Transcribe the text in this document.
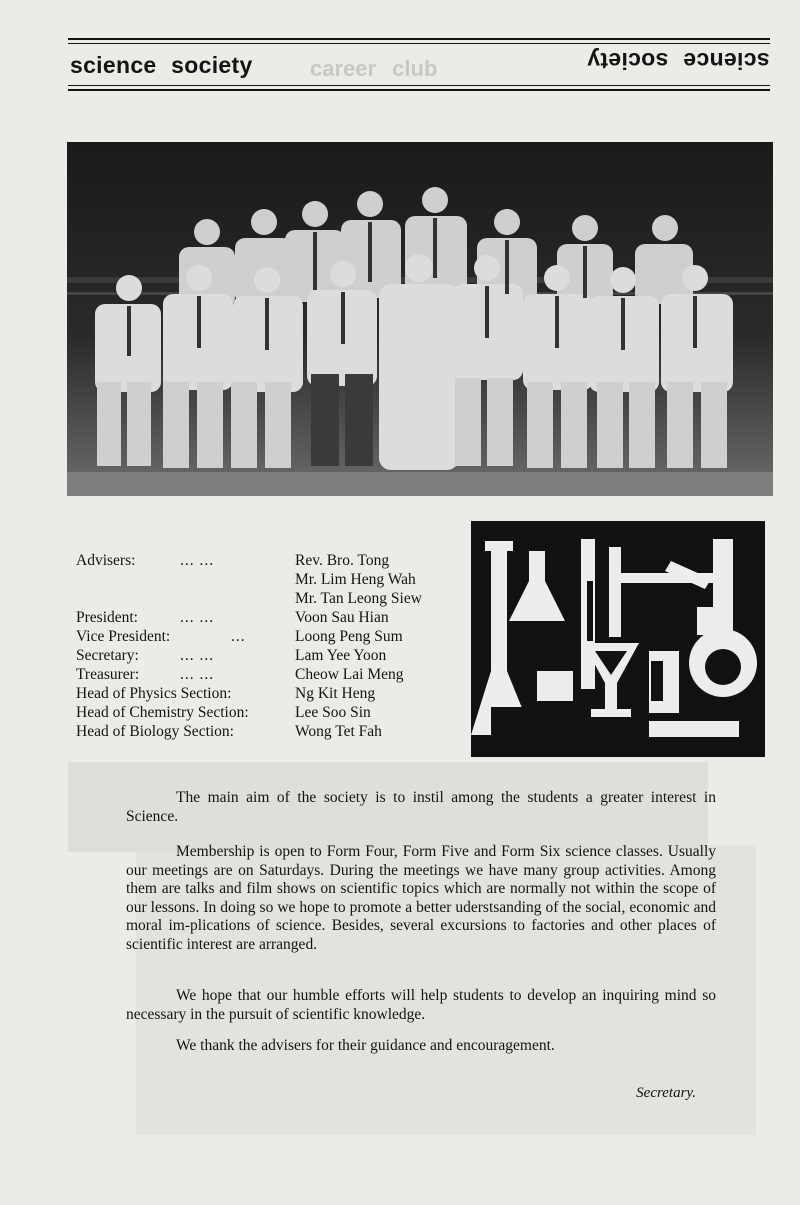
career club
science society	science society
Advisers:	... ...	Rev. Bro. Tong
Mr. Lim Heng Wah
Mr. Tan Leong Siew
President:	... ...	Voon Sau Hian
Vice President:	...	Loong Peng Sum
Secretary:	... ...	Lam Yee Yoon
Treasurer:	... ...	Cheow Lai Meng
Head of Physics Section:	Ng Kit Heng
Head of Chemistry Section:	Lee Soo Sin
Head of Biology Section:	Wong Tet Fah
The main aim of the society is to instil among the students a greater interest in Science.
Membership is open to Form Four, Form Five and Form Six science classes. Usually our meetings are on Saturdays. During the meetings we have many group activities. Among them are talks and film shows on scientific topics which are normally not within the scope of our lessons. In doing so we hope to promote a better uderstsanding of the social, economic and moral im-plications of science. Besides, several excursions to factories and other places of scientific interest are arranged.
We hope that our humble efforts will help students to develop an inquiring mind so necessary in the pursuit of scientific knowledge.
We thank the advisers for their guidance and encouragement.
Secretary.
